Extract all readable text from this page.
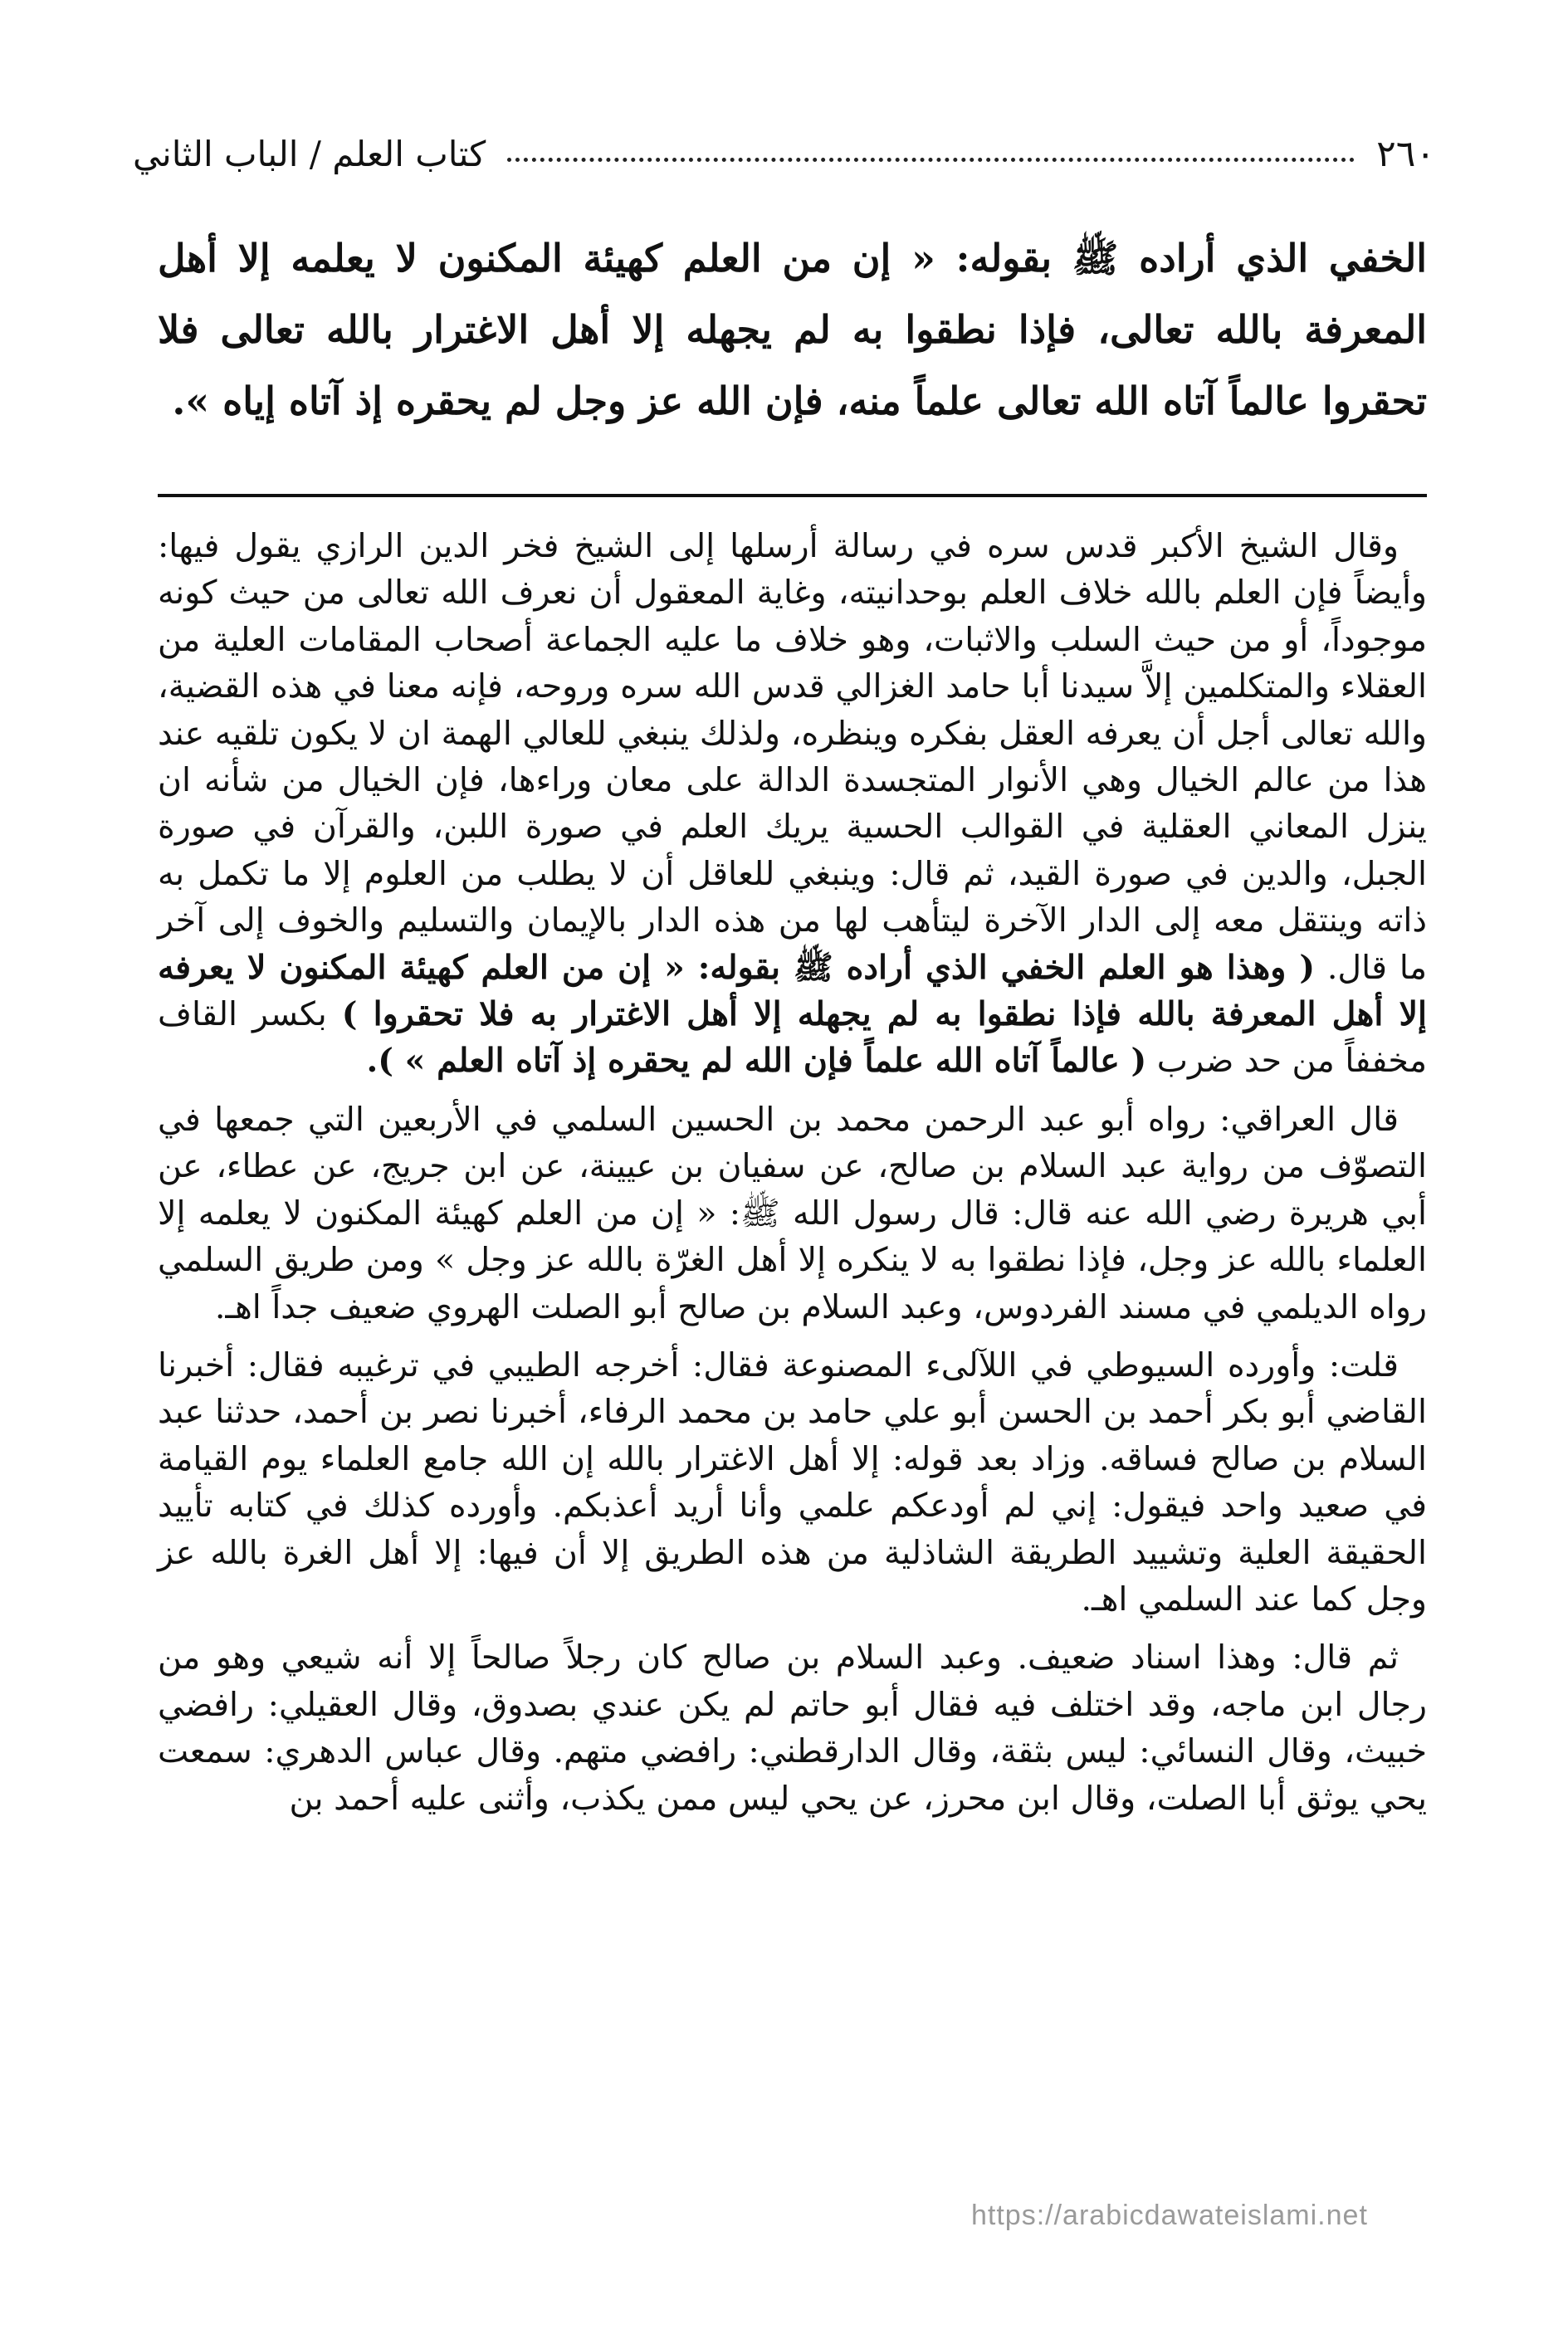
٢٦٠
كتاب العلم / الباب الثاني
الخفي الذي أراده ﷺ بقوله: « إن من العلم كهيئة المكنون لا يعلمه إلا أهل المعرفة بالله تعالى، فإذا نطقوا به لم يجهله إلا أهل الاغترار بالله تعالى فلا تحقروا عالماً آتاه الله تعالى علماً منه، فإن الله عز وجل لم يحقره إذ آتاه إياه ».

وقال الشيخ الأكبر قدس سره في رسالة أرسلها إلى الشيخ فخر الدين الرازي يقول فيها: وأيضاً فإن العلم بالله خلاف العلم بوحدانيته، وغاية المعقول أن نعرف الله تعالى من حيث كونه موجوداً، أو من حيث السلب والاثبات، وهو خلاف ما عليه الجماعة أصحاب المقامات العلية من العقلاء والمتكلمين إلاَّ سيدنا أبا حامد الغزالي قدس الله سره وروحه، فإنه معنا في هذه القضية، والله تعالى أجل أن يعرفه العقل بفكره وينظره، ولذلك ينبغي للعالي الهمة ان لا يكون تلقيه عند هذا من عالم الخيال وهي الأنوار المتجسدة الدالة على معان وراءها، فإن الخيال من شأنه ان ينزل المعاني العقلية في القوالب الحسية يريك العلم في صورة اللبن، والقرآن في صورة الجبل، والدين في صورة القيد، ثم قال: وينبغي للعاقل أن لا يطلب من العلوم إلا ما تكمل به ذاته وينتقل معه إلى الدار الآخرة ليتأهب لها من هذه الدار بالإيمان والتسليم والخوف إلى آخر ما قال. ( وهذا هو العلم الخفي الذي أراده ﷺ بقوله: « إن من العلم كهيئة المكنون لا يعرفه إلا أهل المعرفة بالله فإذا نطقوا به لم يجهله إلا أهل الاغترار به فلا تحقروا ) بكسر القاف مخففاً من حد ضرب ( عالماً آتاه الله علماً فإن الله لم يحقره إذ آتاه العلم » ).

قال العراقي: رواه أبو عبد الرحمن محمد بن الحسين السلمي في الأربعين التي جمعها في التصوّف من رواية عبد السلام بن صالح، عن سفيان بن عيينة، عن ابن جريج، عن عطاء، عن أبي هريرة رضي الله عنه قال: قال رسول الله ﷺ: « إن من العلم كهيئة المكنون لا يعلمه إلا العلماء بالله عز وجل، فإذا نطقوا به لا ينكره إلا أهل الغرّة بالله عز وجل » ومن طريق السلمي رواه الديلمي في مسند الفردوس، وعبد السلام بن صالح أبو الصلت الهروي ضعيف جداً اهـ.

قلت: وأورده السيوطي في اللآلىء المصنوعة فقال: أخرجه الطيبي في ترغيبه فقال: أخبرنا القاضي أبو بكر أحمد بن الحسن أبو علي حامد بن محمد الرفاء، أخبرنا نصر بن أحمد، حدثنا عبد السلام بن صالح فساقه. وزاد بعد قوله: إلا أهل الاغترار بالله إن الله جامع العلماء يوم القيامة في صعيد واحد فيقول: إني لم أودعكم علمي وأنا أريد أعذبكم. وأورده كذلك في كتابه تأييد الحقيقة العلية وتشييد الطريقة الشاذلية من هذه الطريق إلا أن فيها: إلا أهل الغرة بالله عز وجل كما عند السلمي اهـ.

ثم قال: وهذا اسناد ضعيف. وعبد السلام بن صالح كان رجلاً صالحاً إلا أنه شيعي وهو من رجال ابن ماجه، وقد اختلف فيه فقال أبو حاتم لم يكن عندي بصدوق، وقال العقيلي: رافضي خبيث، وقال النسائي: ليس بثقة، وقال الدارقطني: رافضي متهم. وقال عباس الدهري: سمعت يحي يوثق أبا الصلت، وقال ابن محرز، عن يحي ليس ممن يكذب، وأثنى عليه أحمد بن

https://arabicdawateislami.net
